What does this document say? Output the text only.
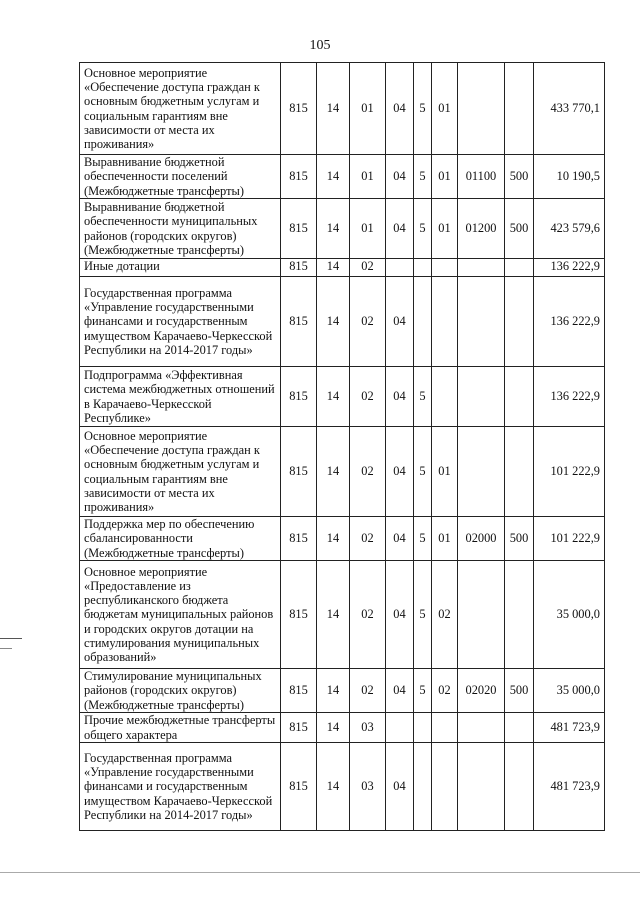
105
Основное мероприятие «Обеспечение доступа граждан к основным бюджетным услугам и социальным гарантиям вне зависимости от места их проживания»	815	14	01	04	5	01			433 770,1
Выравнивание бюджетной обеспеченности поселений (Межбюджетные трансферты)	815	14	01	04	5	01	01100	500	10 190,5
Выравнивание бюджетной обеспеченности муниципальных районов (городских округов) (Межбюджетные трансферты)	815	14	01	04	5	01	01200	500	423 579,6
Иные дотации	815	14	02						136 222,9
Государственная программа «Управление государственными финансами и государственным имуществом Карачаево-Черкесской Республики на 2014-2017 годы»	815	14	02	04					136 222,9
Подпрограмма «Эффективная система межбюджетных отношений в Карачаево-Черкесской Республике»	815	14	02	04	5				136 222,9
Основное мероприятие «Обеспечение доступа граждан к основным бюджетным услугам и социальным гарантиям вне зависимости от места их проживания»	815	14	02	04	5	01			101 222,9
Поддержка мер по обеспечению сбалансированности (Межбюджетные трансферты)	815	14	02	04	5	01	02000	500	101 222,9
Основное мероприятие «Предоставление из республиканского бюджета бюджетам муниципальных районов и городских округов дотации на стимулирования муниципальных образований»	815	14	02	04	5	02			35 000,0
Стимулирование муниципальных районов (городских округов) (Межбюджетные трансферты)	815	14	02	04	5	02	02020	500	35 000,0
Прочие межбюджетные трансферты общего характера	815	14	03						481 723,9
Государственная программа «Управление государственными финансами и государственным имуществом Карачаево-Черкесской Республики на 2014-2017 годы»	815	14	03	04					481 723,9
